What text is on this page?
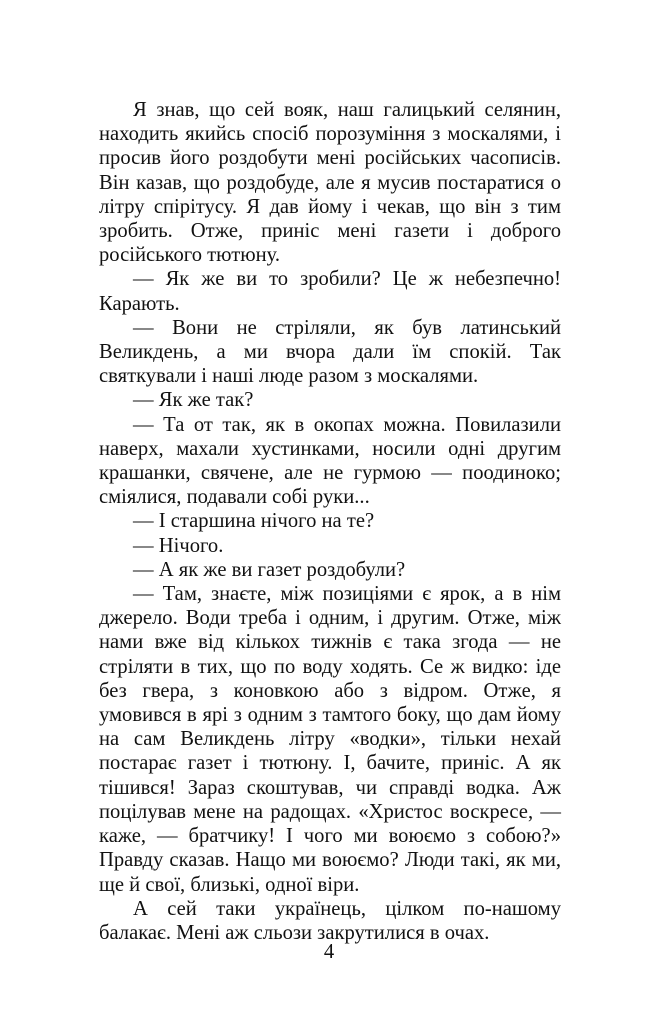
Я знав, що сей вояк, наш галицький селянин, находить якийсь спосіб порозуміння з москалями, і просив його роздобути мені російських часописів. Він казав, що роздобуде, але я мусив постаратися о літру спірітусу. Я дав йому і чекав, що він з тим зробить. Отже, приніс мені газети і доброго російського тютюну.

— Як же ви то зробили? Це ж небезпечно! Карають.

— Вони не стріляли, як був латинський Великдень, а ми вчора дали їм спокій. Так святкували і наші люде разом з москалями.

— Як же так?

— Та от так, як в окопах можна. Повилазили наверх, махали хустинками, носили одні другим крашанки, свячене, але не гурмою — поодиноко; сміялися, подавали собі руки...

— І старшина нічого на те?

— Нічого.

— А як же ви газет роздобули?

— Там, знаєте, між позиціями є ярок, а в нім джерело. Води треба і одним, і другим. Отже, між нами вже від кількох тижнів є така згода — не стріляти в тих, що по воду ходять. Се ж видко: іде без гвера, з коновкою або з відром. Отже, я умовився в ярі з одним з тамтого боку, що дам йому на сам Великдень літру «водки», тільки нехай постарає газет і тютюну. І, бачите, приніс. А як тішився! Зараз скоштував, чи справді водка. Аж поцілував мене на радощах. «Христос воскресе, — каже, — братчику! І чого ми воюємо з собою?» Правду сказав. Нащо ми воюємо? Люди такі, як ми, ще й свої, близькі, одної віри.

А сей таки українець, цілком по-нашому балакає. Мені аж сльози закрутилися в очах.

4
